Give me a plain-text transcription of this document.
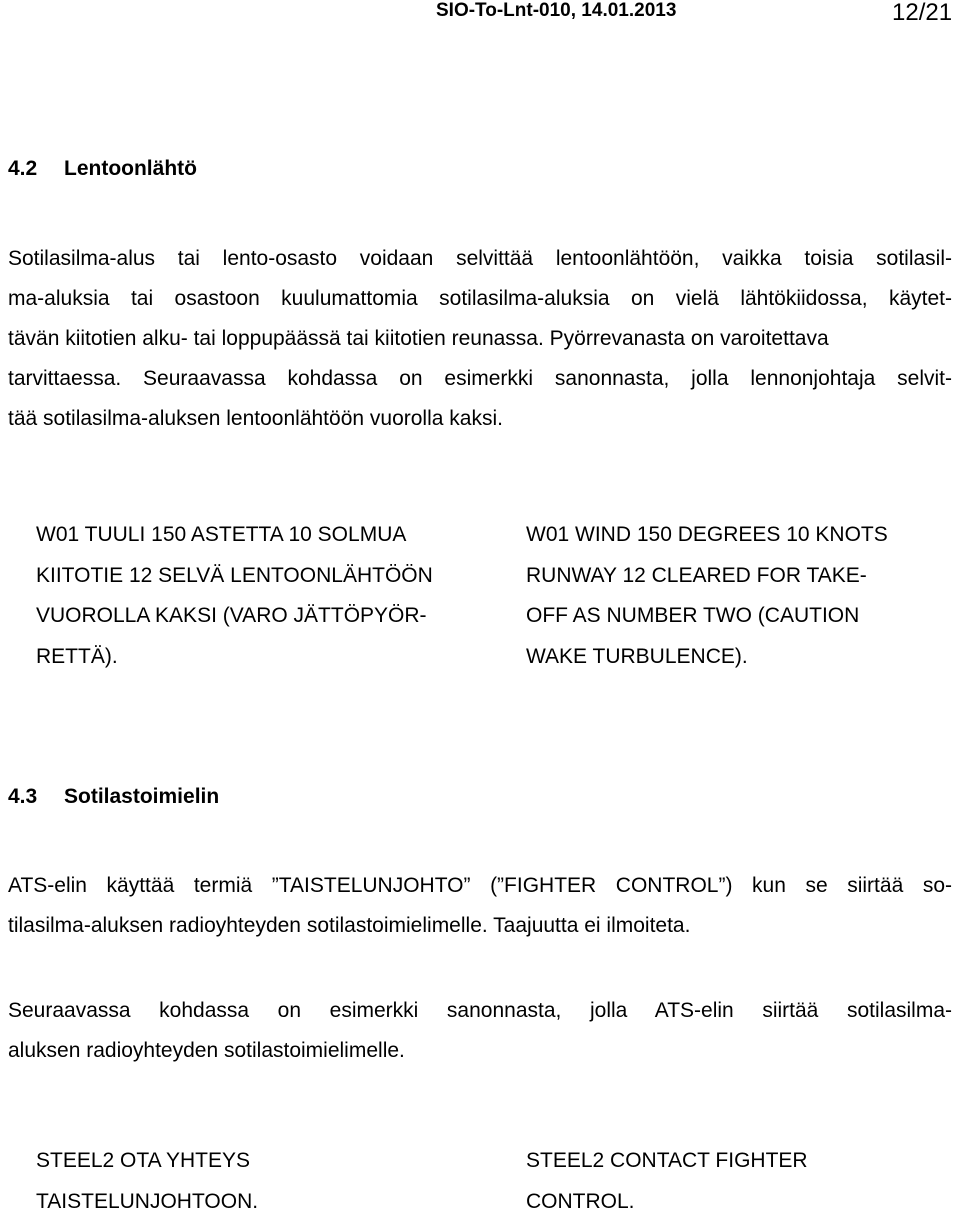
SIO-To-Lnt-010, 14.01.2013	12/21
4.2 Lentoonlähtö
Sotilasilma-alus tai lento-osasto voidaan selvittää lentoonlähtöön, vaikka toisia sotilasil-
ma-aluksia tai osastoon kuulumattomia sotilasilma-aluksia on vielä lähtökiidossa, käytet-
tävän kiitotien alku- tai loppupäässä tai kiitotien reunassa. Pyörrevanasta on varoitettava
tarvittaessa. Seuraavassa kohdassa on esimerkki sanonnasta, jolla lennonjohtaja selvit-
tää sotilasilma-aluksen lentoonlähtöön vuorolla kaksi.
W01 TUULI 150 ASTETTA 10 SOLMUA
KIITOTIE 12 SELVÄ LENTOONLÄHTÖÖN
VUOROLLA KAKSI (VARO JÄTTÖPYÖR-
RETTÄ).
W01 WIND 150 DEGREES 10 KNOTS
RUNWAY 12 CLEARED FOR TAKE-
OFF AS NUMBER TWO (CAUTION
WAKE TURBULENCE).
4.3 Sotilastoimielin
ATS-elin käyttää termiä ”TAISTELUNJOHTO” (”FIGHTER CONTROL”) kun se siirtää so-
tilasilma-aluksen radioyhteyden sotilastoimielimelle. Taajuutta ei ilmoiteta.
Seuraavassa kohdassa on esimerkki sanonnasta, jolla ATS-elin siirtää sotilasilma-
aluksen radioyhteyden sotilastoimielimelle.
STEEL2 OTA YHTEYS
TAISTELUNJOHTOON.
STEEL2 CONTACT FIGHTER
CONTROL.
